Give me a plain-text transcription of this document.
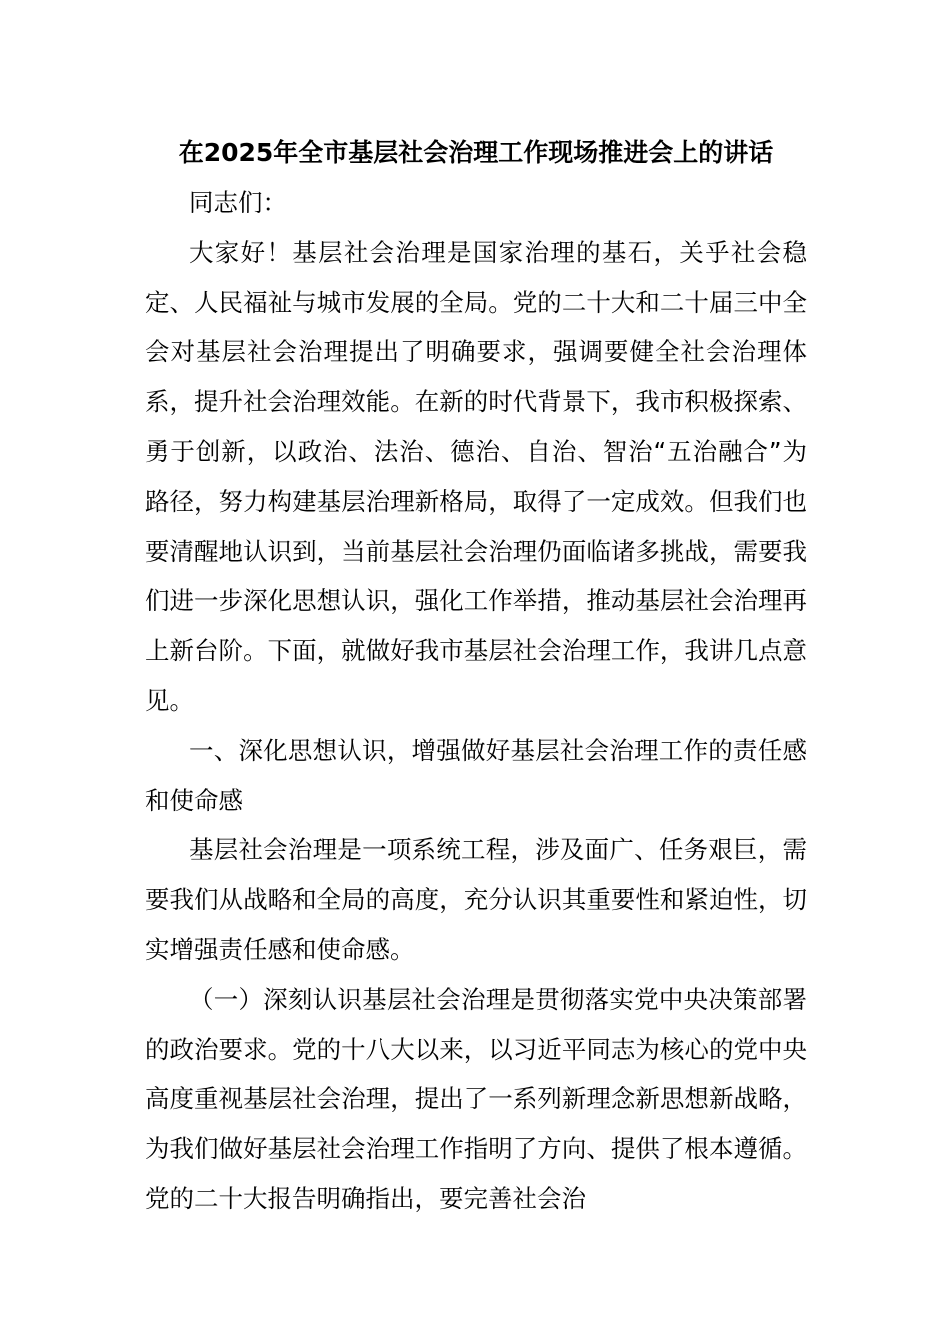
在2025年全市基层社会治理工作现场推进会上的讲话

同志们：

大家好！基层社会治理是国家治理的基石，关乎社会稳定、人民福祉与城市发展的全局。党的二十大和二十届三中全会对基层社会治理提出了明确要求，强调要健全社会治理体系，提升社会治理效能。在新的时代背景下，我市积极探索、勇于创新，以政治、法治、德治、自治、智治“五治融合”为路径，努力构建基层治理新格局，取得了一定成效。但我们也要清醒地认识到，当前基层社会治理仍面临诸多挑战，需要我们进一步深化思想认识，强化工作举措，推动基层社会治理再上新台阶。下面，就做好我市基层社会治理工作，我讲几点意见。

一、深化思想认识，增强做好基层社会治理工作的责任感和使命感

基层社会治理是一项系统工程，涉及面广、任务艰巨，需要我们从战略和全局的高度，充分认识其重要性和紧迫性，切实增强责任感和使命感。

（一）深刻认识基层社会治理是贯彻落实党中央决策部署的政治要求。党的十八大以来，以习近平同志为核心的党中央高度重视基层社会治理，提出了一系列新理念新思想新战略，为我们做好基层社会治理工作指明了方向、提供了根本遵循。党的二十大报告明确指出，要完善社会治
